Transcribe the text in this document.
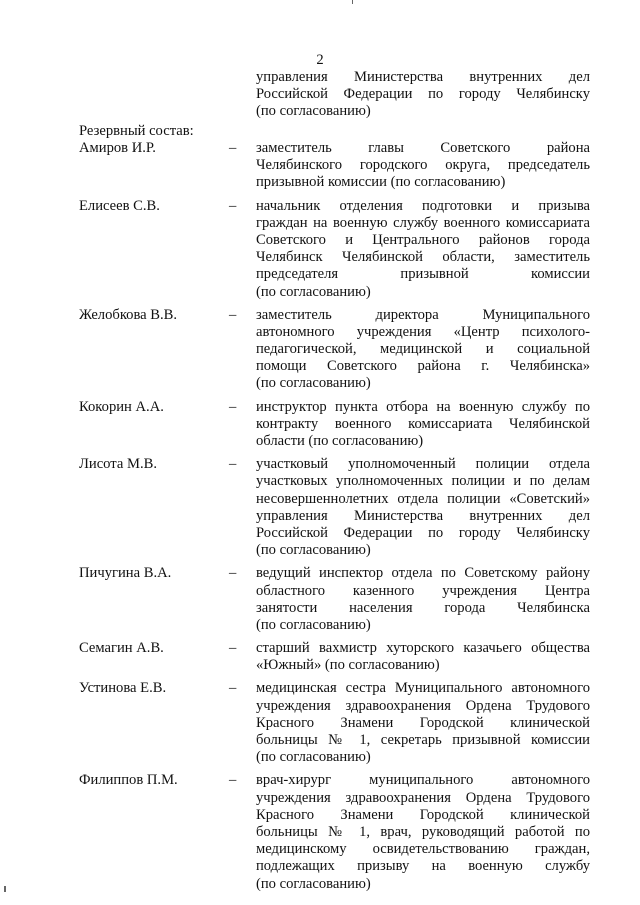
2
управления Министерства внутренних дел
Российской Федерации по городу Челябинску
(по согласованию)
Резервный состав:
Амиров И.Р.	– заместитель главы Советского района
Челябинского городского округа, председатель
призывной комиссии (по согласованию)
Елисеев С.В.	– начальник отделения подготовки и призыва
граждан на военную службу военного комиссариата
Советского и Центрального районов города
Челябинск Челябинской области, заместитель
председателя призывной комиссии
(по согласованию)
Желобкова В.В.	– заместитель директора Муниципального
автономного учреждения «Центр психолого-
педагогической, медицинской и социальной
помощи Советского района г. Челябинска»
(по согласованию)
Кокорин А.А.	– инструктор пункта отбора на военную службу по
контракту военного комиссариата Челябинской
области (по согласованию)
Лисота М.В.	– участковый уполномоченный полиции отдела
участковых уполномоченных полиции и по делам
несовершеннолетних отдела полиции «Советский»
управления Министерства внутренних дел
Российской Федерации по городу Челябинску
(по согласованию)
Пичугина В.А.	– ведущий инспектор отдела по Советскому району
областного казенного учреждения Центра
занятости населения города Челябинска
(по согласованию)
Семагин А.В.	– старший вахмистр хуторского казачьего общества
«Южный» (по согласованию)
Устинова Е.В.	– медицинская сестра Муниципального автономного
учреждения здравоохранения Ордена Трудового
Красного Знамени Городской клинической
больницы № 1, секретарь призывной комиссии
(по согласованию)
Филиппов П.М.	– врач-хирург муниципального автономного
учреждения здравоохранения Ордена Трудового
Красного Знамени Городской клинической
больницы № 1, врач, руководящий работой по
медицинскому освидетельствованию граждан,
подлежащих призыву на военную службу
(по согласованию)
